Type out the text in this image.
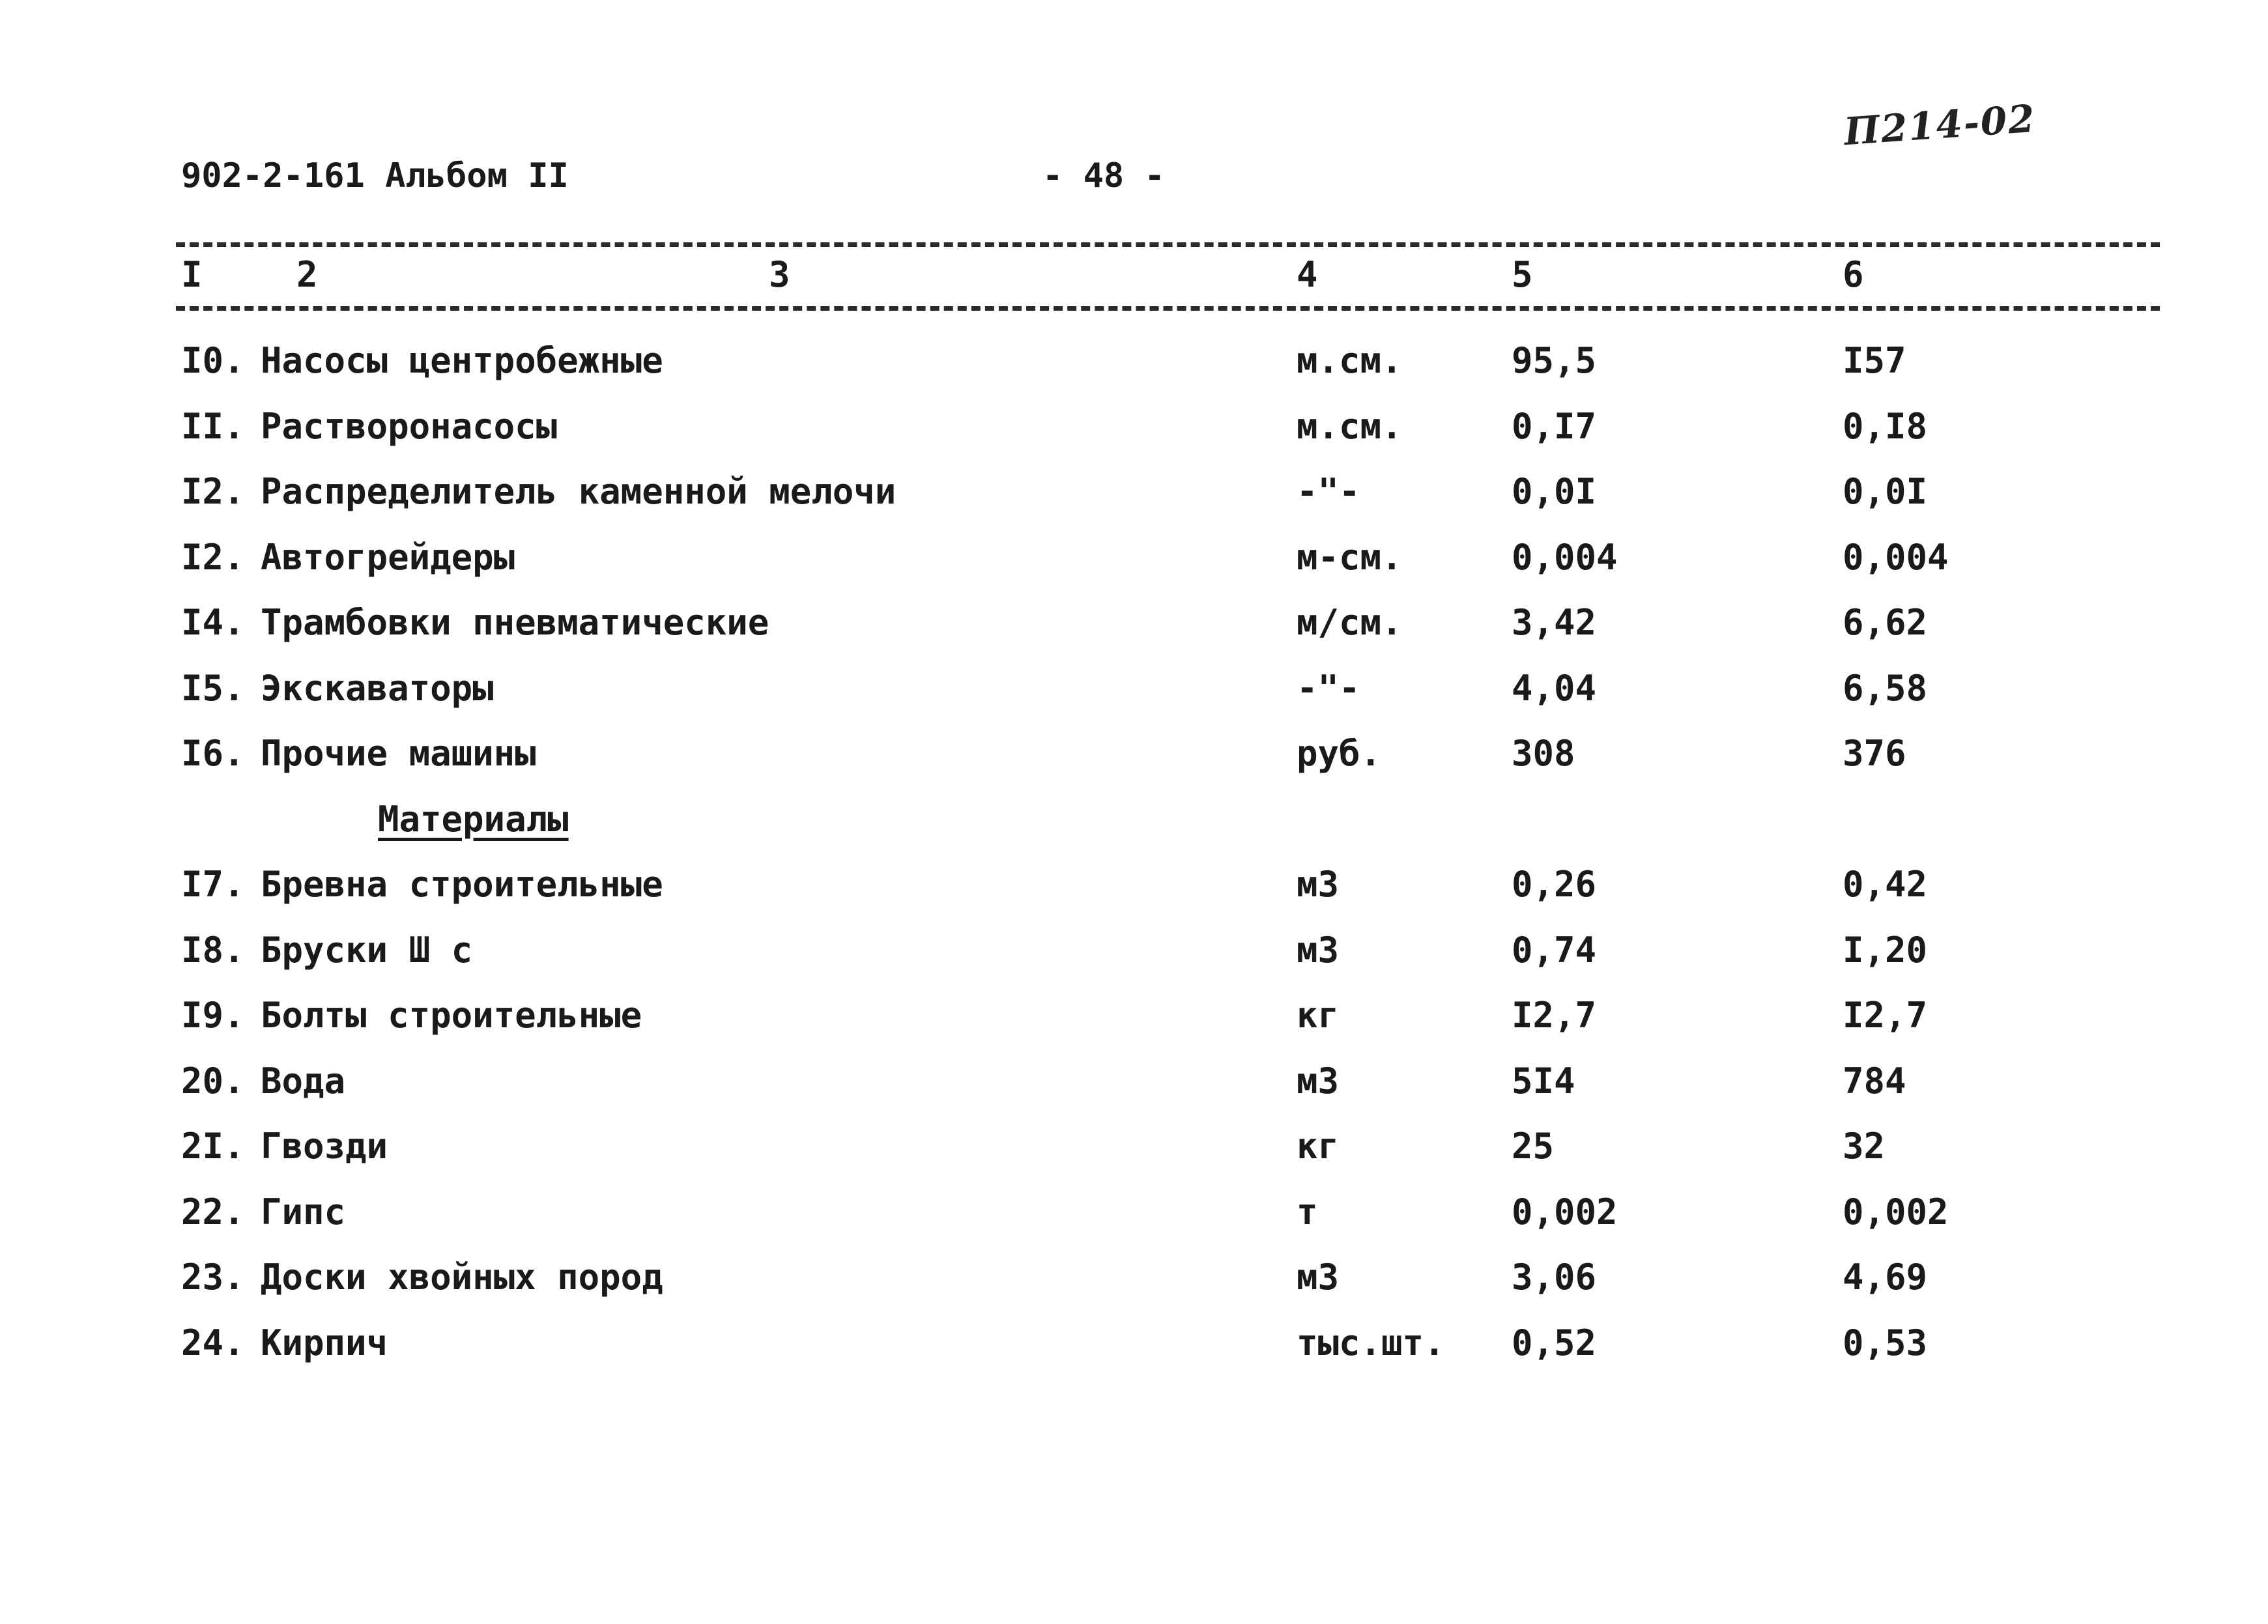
П214-02
902-2-161 Альбом II	- 48 -
I	2	3	4	5	6
I0. Насосы центробежные	м.см.	95,5	I57
II. Растворонасосы	м.см.	0,I7	0,I8
I2. Распределитель каменной мелочи	-"-	0,0I	0,0I
I2. Автогрейдеры	м-см.	0,004	0,004
I4. Трамбовки пневматические	м/см.	3,42	6,62
I5. Экскаваторы	-"-	4,04	6,58
I6. Прочие машины	руб.	308	376
Материалы
I7. Бревна строительные	м3	0,26	0,42
I8. Бруски Ш с	м3	0,74	I,20
I9. Болты строительные	кг	I2,7	I2,7
20. Вода	м3	5I4	784
2I. Гвозди	кг	25	32
22. Гипс	т	0,002	0,002
23. Доски хвойных пород	м3	3,06	4,69
24. Кирпич	тыс.шт. 0,52	0,53
